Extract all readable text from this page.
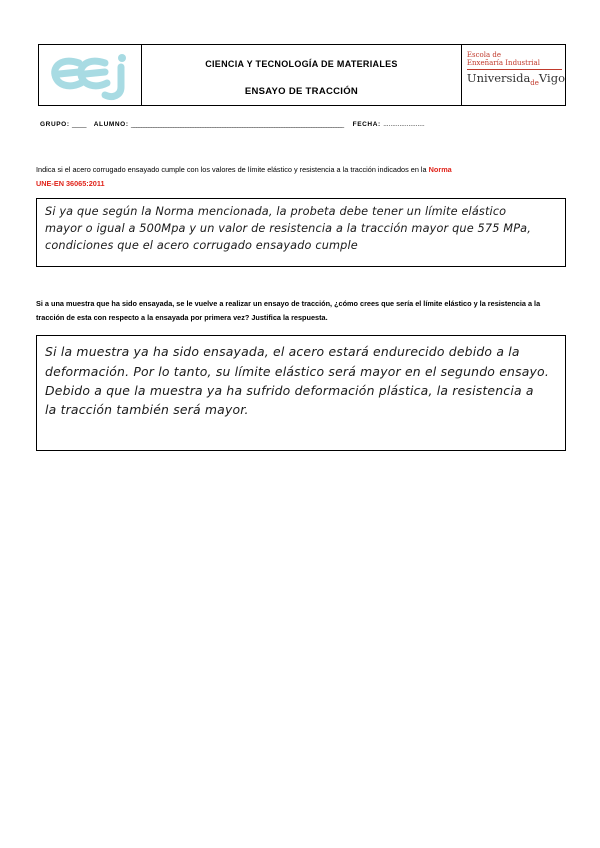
CIENCIA Y TECNOLOGÍA DE MATERIALES
ENSAYO DE TRACCIÓN
Escola de
Enxeñaría Industrial
Universida$_{de}$Vigo
GRUPO: ____ ALUMNO: ______________________________________________________________________________________ FECHA: .......................
Indica si el acero corrugado ensayado cumple con los valores de límite elástico y resistencia a la tracción indicados en la Norma
UNE-EN 36065:2011
Si ya que según la Norma mencionada, la probeta debe tener un límite elástico
mayor o igual a 500Mpa y un valor de resistencia a la tracción mayor que 575 MPa,
condiciones que el acero corrugado ensayado cumple
Si a una muestra que ha sido ensayada, se le vuelve a realizar un ensayo de tracción, ¿cómo crees que sería el límite elástico y la resistencia a la tracción de esta con respecto a la ensayada por primera vez? Justifica la respuesta.
Si la muestra ya ha sido ensayada, el acero estará endurecido debido a la
deformación. Por lo tanto, su límite elástico será mayor en el segundo ensayo.
Debido a que la muestra ya ha sufrido deformación plástica, la resistencia a
la tracción también será mayor.
